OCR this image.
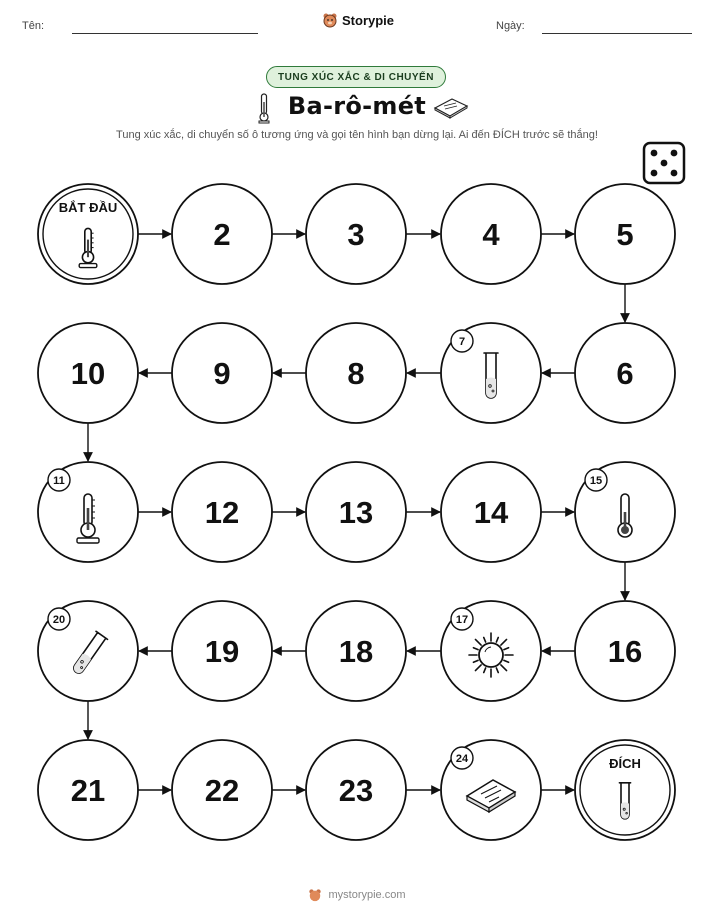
Tên:	Ngày:
Storypie
TUNG XÚC XẮC & DI CHUYỂN
Ba-rô-mét
Tung xúc xắc, di chuyển số ô tương ứng và gọi tên hình bạn dừng lại. Ai đến ĐÍCH trước sẽ thắng!
BẮT ĐẦU
2	3	4	5
6
7
8
9
10
11
12	13	14
15
16
17
18
19
20
21	22	23
24	ĐÍCH
mystorypie.com
